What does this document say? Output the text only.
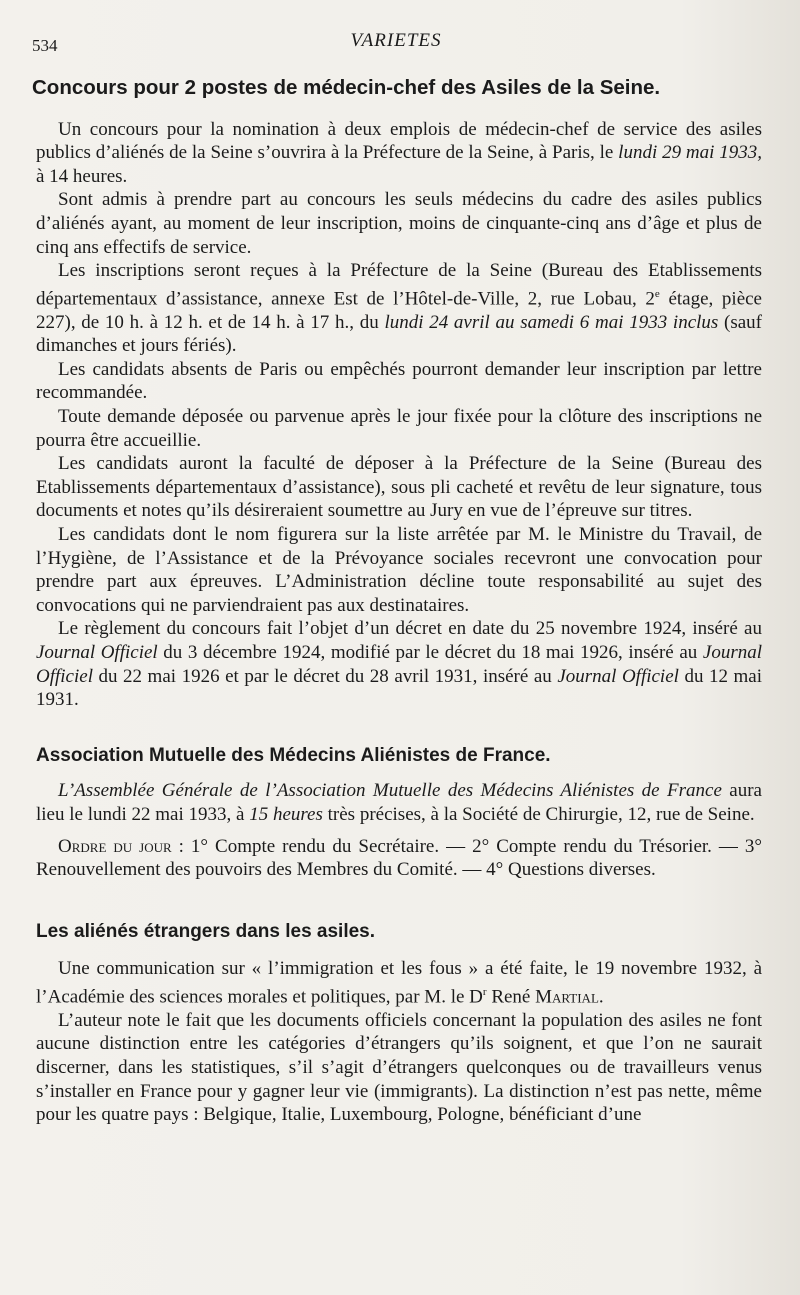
534	VARIETES
Concours pour 2 postes de médecin-chef des Asiles de la Seine.

Un concours pour la nomination à deux emplois de médecin-chef de service des asiles publics d’aliénés de la Seine s’ouvrira à la Préfecture de la Seine, à Paris, le lundi 29 mai 1933, à 14 heures.

Sont admis à prendre part au concours les seuls médecins du cadre des asiles publics d’aliénés ayant, au moment de leur inscription, moins de cinquante-cinq ans d’âge et plus de cinq ans effectifs de service.

Les inscriptions seront reçues à la Préfecture de la Seine (Bureau des Etablissements départementaux d’assistance, annexe Est de l’Hôtel-de-Ville, 2, rue Lobau, 2e étage, pièce 227), de 10 h. à 12 h. et de 14 h. à 17 h., du lundi 24 avril au samedi 6 mai 1933 inclus (sauf dimanches et jours fériés).

Les candidats absents de Paris ou empêchés pourront demander leur inscription par lettre recommandée.

Toute demande déposée ou parvenue après le jour fixée pour la clôture des inscriptions ne pourra être accueillie.

Les candidats auront la faculté de déposer à la Préfecture de la Seine (Bureau des Etablissements départementaux d’assistance), sous pli cacheté et revêtu de leur signature, tous documents et notes qu’ils désireraient soumettre au Jury en vue de l’épreuve sur titres.

Les candidats dont le nom figurera sur la liste arrêtée par M. le Ministre du Travail, de l’Hygiène, de l’Assistance et de la Prévoyance sociales recevront une convocation pour prendre part aux épreuves. L’Administration décline toute responsabilité au sujet des convocations qui ne parviendraient pas aux destinataires.

Le règlement du concours fait l’objet d’un décret en date du 25 novembre 1924, inséré au Journal Officiel du 3 décembre 1924, modifié par le décret du 18 mai 1926, inséré au Journal Officiel du 22 mai 1926 et par le décret du 28 avril 1931, inséré au Journal Officiel du 12 mai 1931.

Association Mutuelle des Médecins Aliénistes de France.

L’Assemblée Générale de l’Association Mutuelle des Médecins Aliénistes de France aura lieu le lundi 22 mai 1933, à 15 heures très précises, à la Société de Chirurgie, 12, rue de Seine.

Ordre du jour : 1° Compte rendu du Secrétaire. — 2° Compte rendu du Trésorier. — 3° Renouvellement des pouvoirs des Membres du Comité. — 4° Questions diverses.

Les aliénés étrangers dans les asiles.

Une communication sur « l’immigration et les fous » a été faite, le 19 novembre 1932, à l’Académie des sciences morales et politiques, par M. le $D^r$ René Martial.

L’auteur note le fait que les documents officiels concernant la population des asiles ne font aucune distinction entre les catégories d’étrangers qu’ils soignent, et que l’on ne saurait discerner, dans les statistiques, s’il s’agit d’étrangers quelconques ou de travailleurs venus s’installer en France pour y gagner leur vie (immigrants). La distinction n’est pas nette, même pour les quatre pays : Belgique, Italie, Luxembourg, Pologne, bénéficiant d’une
